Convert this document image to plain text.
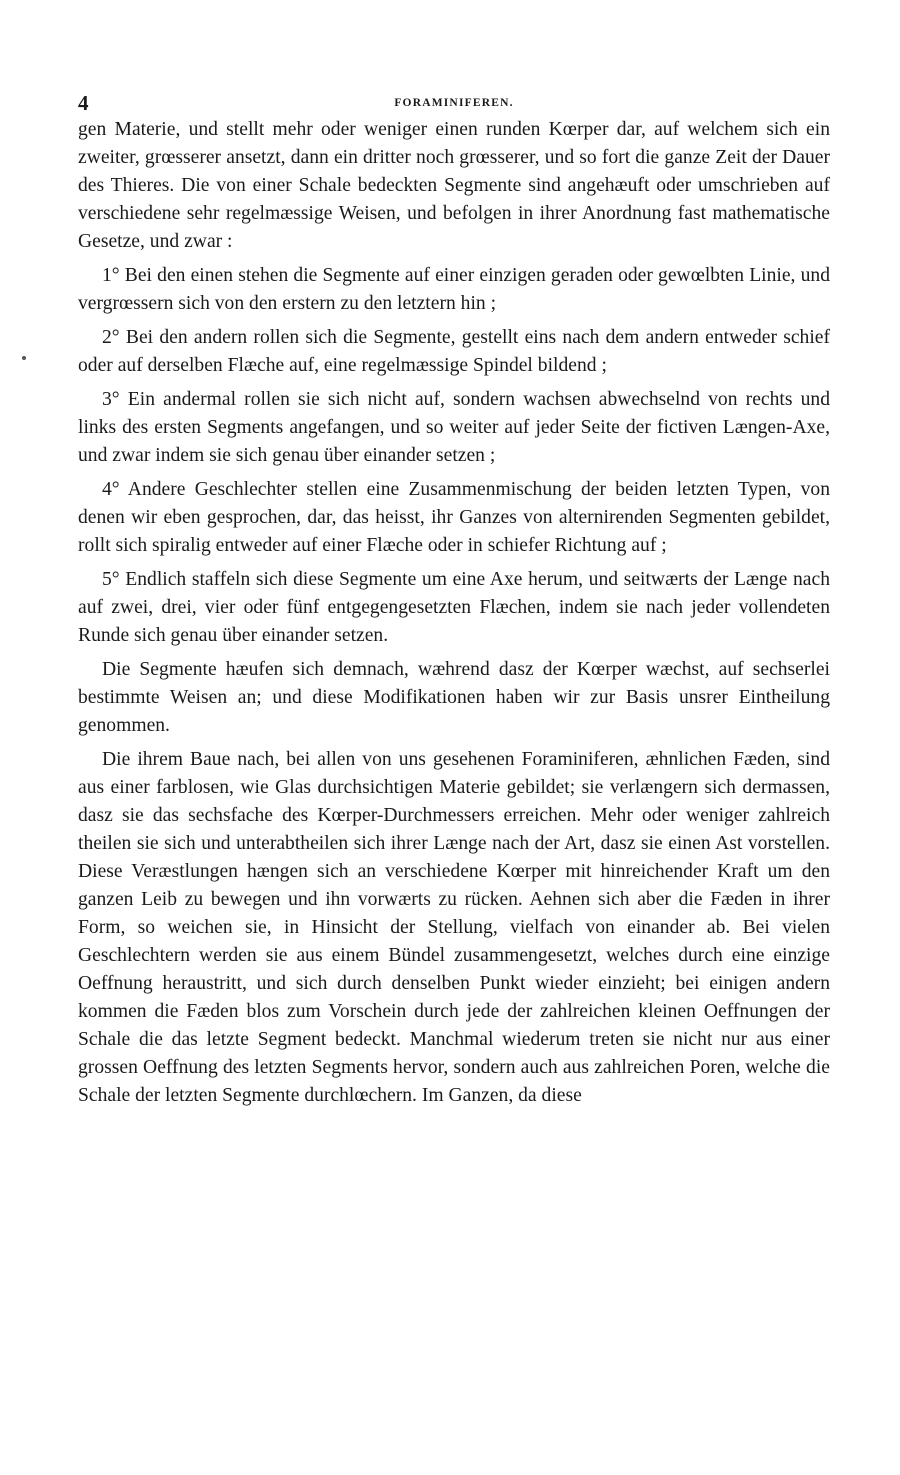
4	FORAMINIFEREN.

gen Materie, und stellt mehr oder weniger einen runden Kœrper dar, auf welchem sich ein zweiter, grœsserer ansetzt, dann ein dritter noch grœsserer, und so fort die ganze Zeit der Dauer des Thieres. Die von einer Schale bedeckten Segmente sind angehæuft oder umschrieben auf verschiedene sehr regelmæssige Weisen, und befolgen in ihrer Anordnung fast mathematische Gesetze, und zwar :

1° Bei den einen stehen die Segmente auf einer einzigen geraden oder gewœlbten Linie, und vergrœssern sich von den erstern zu den letztern hin ;

2° Bei den andern rollen sich die Segmente, gestellt eins nach dem andern entweder schief oder auf derselben Flæche auf, eine regelmæssige Spindel bildend ;

3° Ein andermal rollen sie sich nicht auf, sondern wachsen abwechselnd von rechts und links des ersten Segments angefangen, und so weiter auf jeder Seite der fictiven Længen-Axe, und zwar indem sie sich genau über einander setzen ;

4° Andere Geschlechter stellen eine Zusammenmischung der beiden letzten Typen, von denen wir eben gesprochen, dar, das heisst, ihr Ganzes von alternirenden Segmenten gebildet, rollt sich spiralig entweder auf einer Flæche oder in schiefer Richtung auf ;

5° Endlich staffeln sich diese Segmente um eine Axe herum, und seitwærts der Længe nach auf zwei, drei, vier oder fünf entgegengesetzten Flæchen, indem sie nach jeder vollendeten Runde sich genau über einander setzen.

Die Segmente hæufen sich demnach, wæhrend dasz der Kœrper wæchst, auf sechserlei bestimmte Weisen an; und diese Modifikationen haben wir zur Basis unsrer Eintheilung genommen.

Die ihrem Baue nach, bei allen von uns gesehenen Foraminiferen, æhnlichen Fæden, sind aus einer farblosen, wie Glas durchsichtigen Materie gebildet; sie verlængern sich dermassen, dasz sie das sechsfache des Kœrper-Durchmessers erreichen. Mehr oder weniger zahlreich theilen sie sich und unterabtheilen sich ihrer Længe nach der Art, dasz sie einen Ast vorstellen. Diese Veræstlungen hængen sich an verschiedene Kœrper mit hinreichender Kraft um den ganzen Leib zu bewegen und ihn vorwærts zu rücken. Aehnen sich aber die Fæden in ihrer Form, so weichen sie, in Hinsicht der Stellung, vielfach von einander ab. Bei vielen Geschlechtern werden sie aus einem Bündel zusammengesetzt, welches durch eine einzige Oeffnung heraustritt, und sich durch denselben Punkt wieder einzieht; bei einigen andern kommen die Fæden blos zum Vorschein durch jede der zahlreichen kleinen Oeffnungen der Schale die das letzte Segment bedeckt. Manchmal wiederum treten sie nicht nur aus einer grossen Oeffnung des letzten Segments hervor, sondern auch aus zahlreichen Poren, welche die Schale der letzten Segmente durchlœchern. Im Ganzen, da diese
